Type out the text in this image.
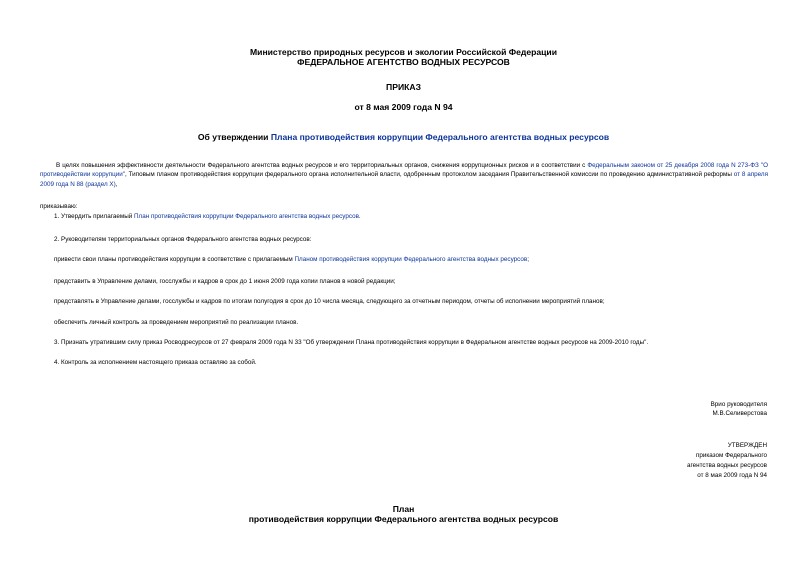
Министерство природных ресурсов и экологии Российской Федерации
ФЕДЕРАЛЬНОЕ АГЕНТСТВО ВОДНЫХ РЕСУРСОВ
ПРИКАЗ
от 8 мая 2009 года N 94
Об утверждении Плана противодействия коррупции Федерального агентства водных ресурсов
В целях повышения эффективности деятельности Федерального агентства водных ресурсов и его территориальных органов, снижения коррупционных рисков и в соответствии с Федеральным законом от 25 декабря 2008 года N 273-ФЗ "О противодействии коррупции", Типовым планом противодействия коррупции федерального органа исполнительной власти, одобренным протоколом заседания Правительственной комиссии по проведению административной реформы от 8 апреля 2009 года N 88 (раздел X),
приказываю:
1. Утвердить прилагаемый План противодействия коррупции Федерального агентства водных ресурсов.
2. Руководителям территориальных органов Федерального агентства водных ресурсов:
привести свои планы противодействия коррупции в соответствие с прилагаемым Планом противодействия коррупции Федерального агентства водных ресурсов;
представить в Управление делами, госслужбы и кадров в срок до 1 июня 2009 года копии планов в новой редакции;
представлять в Управление делами, госслужбы и кадров по итогам полугодия в срок до 10 числа месяца, следующего за отчетным периодом, отчеты об исполнении мероприятий планов;
обеспечить личный контроль за проведением мероприятий по реализации планов.
3. Признать утратившим силу приказ Росводресурсов от 27 февраля 2009 года N 33 "Об утверждении Плана противодействия коррупции в Федеральном агентстве водных ресурсов на 2009-2010 годы".
4. Контроль за исполнением настоящего приказа оставляю за собой.
Врио руководителя
М.В.Селиверстова
УТВЕРЖДЕН
приказом Федерального
агентства водных ресурсов
от 8 мая 2009 года N 94
План
противодействия коррупции Федерального агентства водных ресурсов
